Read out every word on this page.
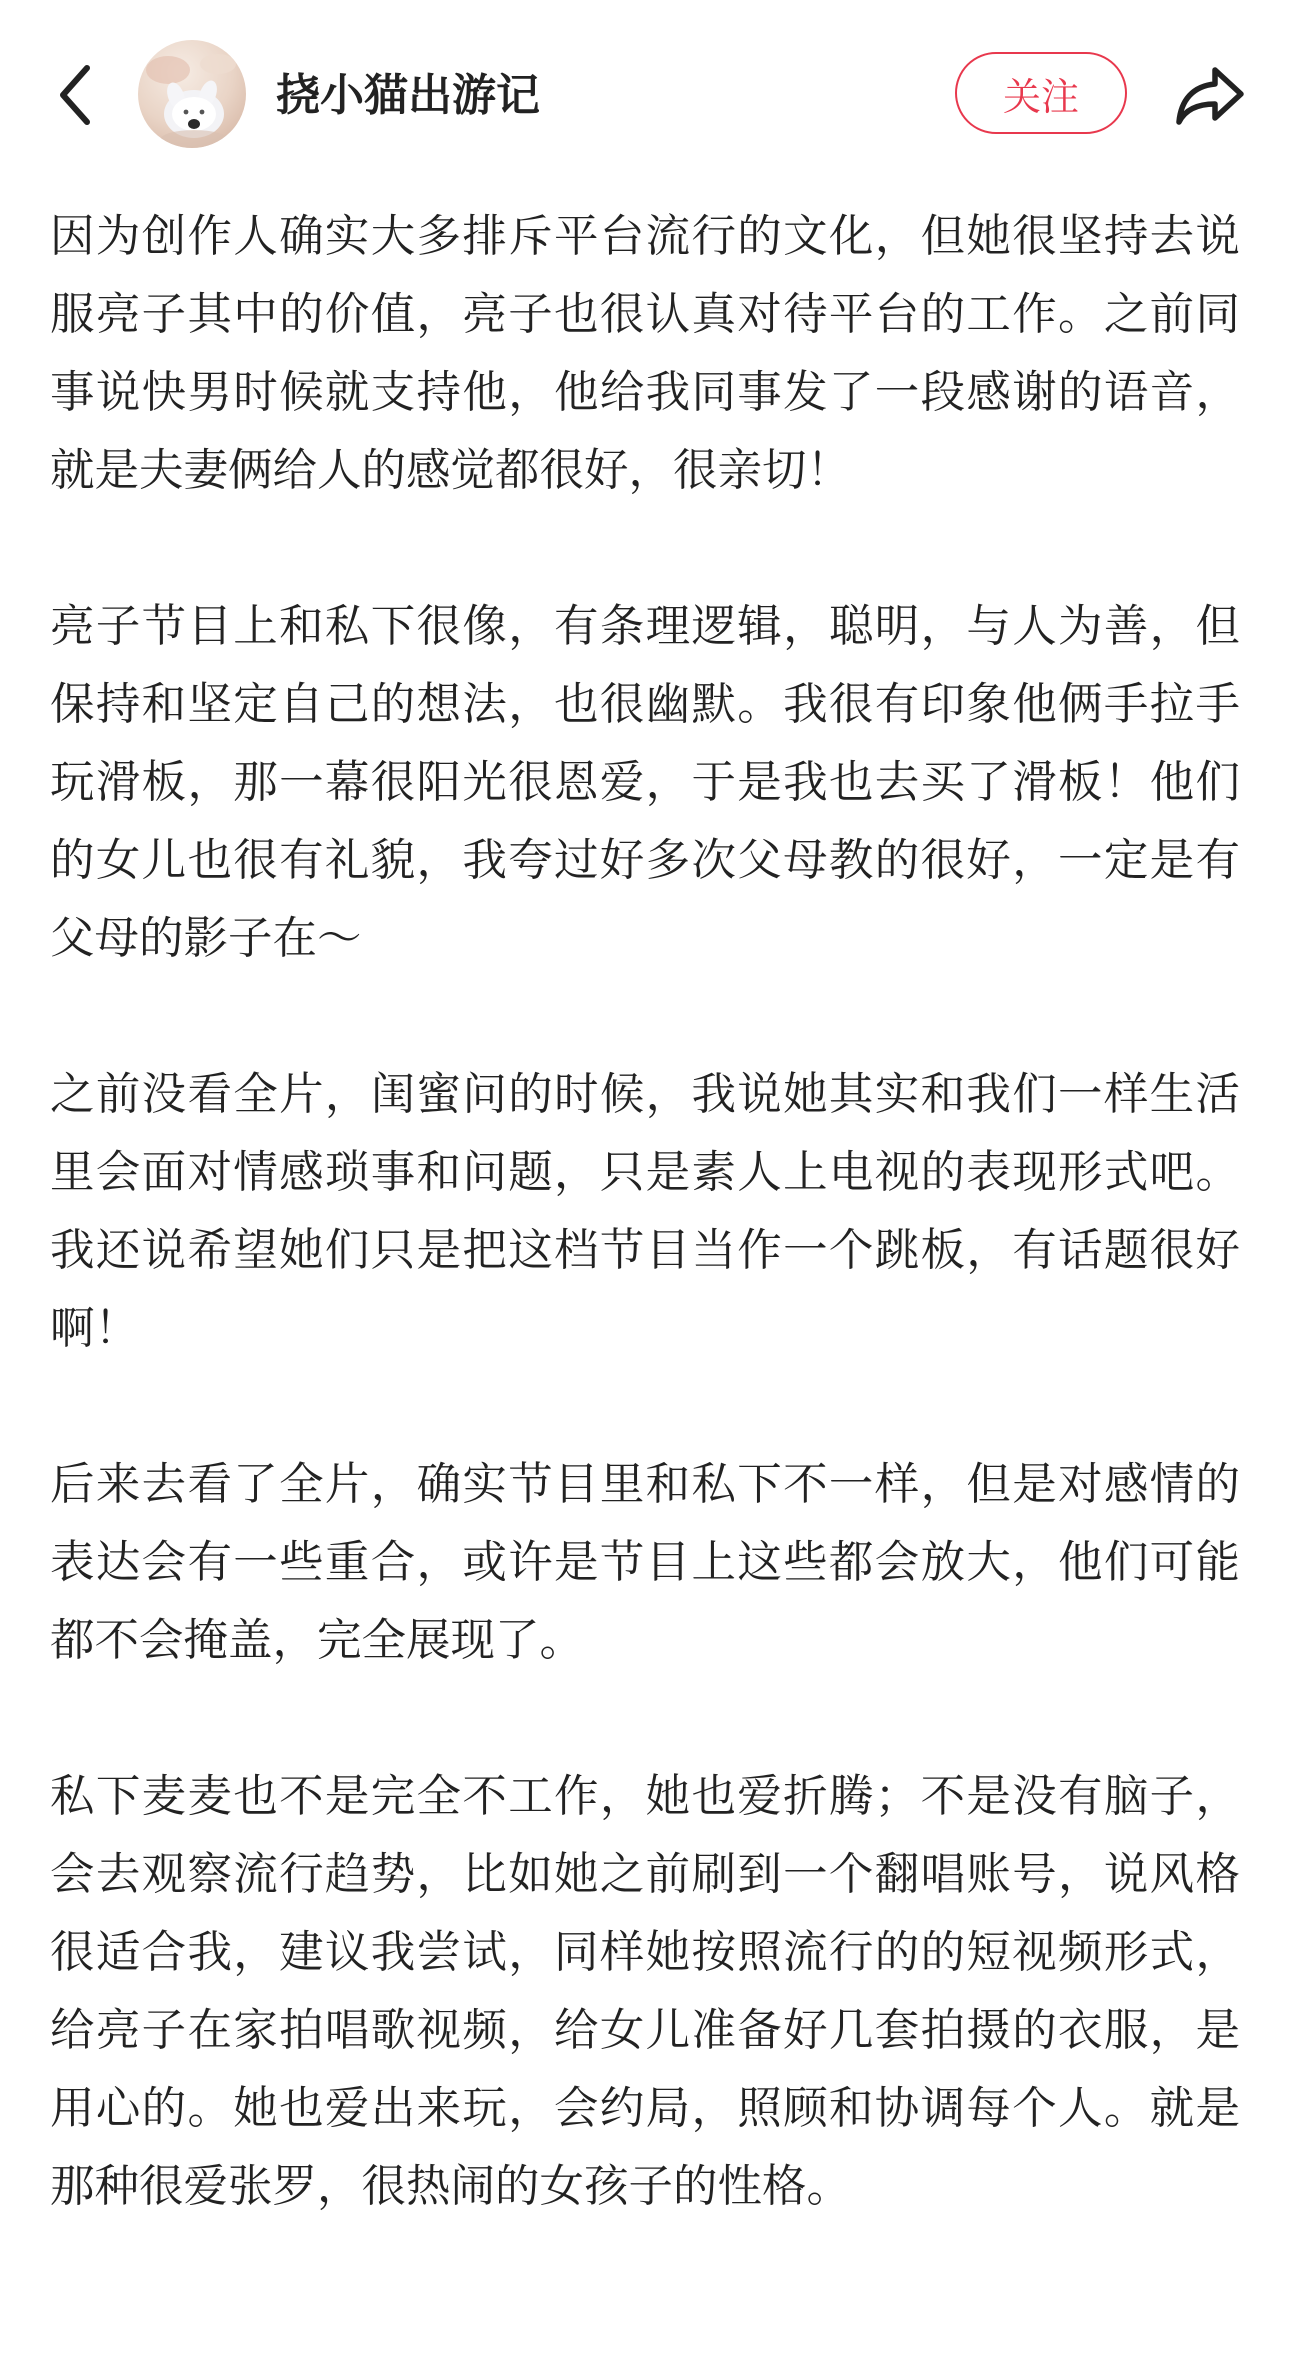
挠小猫出游记	关注

因为创作人确实大多排斥平台流行的文化，但她很坚持去说服亮子其中的价值，亮子也很认真对待平台的工作。之前同事说快男时候就支持他，他给我同事发了一段感谢的语音，就是夫妻俩给人的感觉都很好，很亲切！

亮子节目上和私下很像，有条理逻辑，聪明，与人为善，但保持和坚定自己的想法，也很幽默。我很有印象他俩手拉手玩滑板，那一幕很阳光很恩爱，于是我也去买了滑板！他们的女儿也很有礼貌，我夸过好多次父母教的很好，一定是有父母的影子在～

之前没看全片，闺蜜问的时候，我说她其实和我们一样生活里会面对情感琐事和问题，只是素人上电视的表现形式吧。我还说希望她们只是把这档节目当作一个跳板，有话题很好啊！

后来去看了全片，确实节目里和私下不一样，但是对感情的表达会有一些重合，或许是节目上这些都会放大，他们可能都不会掩盖，完全展现了。

私下麦麦也不是完全不工作，她也爱折腾；不是没有脑子，会去观察流行趋势，比如她之前刷到一个翻唱账号，说风格很适合我，建议我尝试，同样她按照流行的的短视频形式，给亮子在家拍唱歌视频，给女儿准备好几套拍摄的衣服，是用心的。她也爱出来玩，会约局，照顾和协调每个人。就是那种很爱张罗，很热闹的女孩子的性格。
